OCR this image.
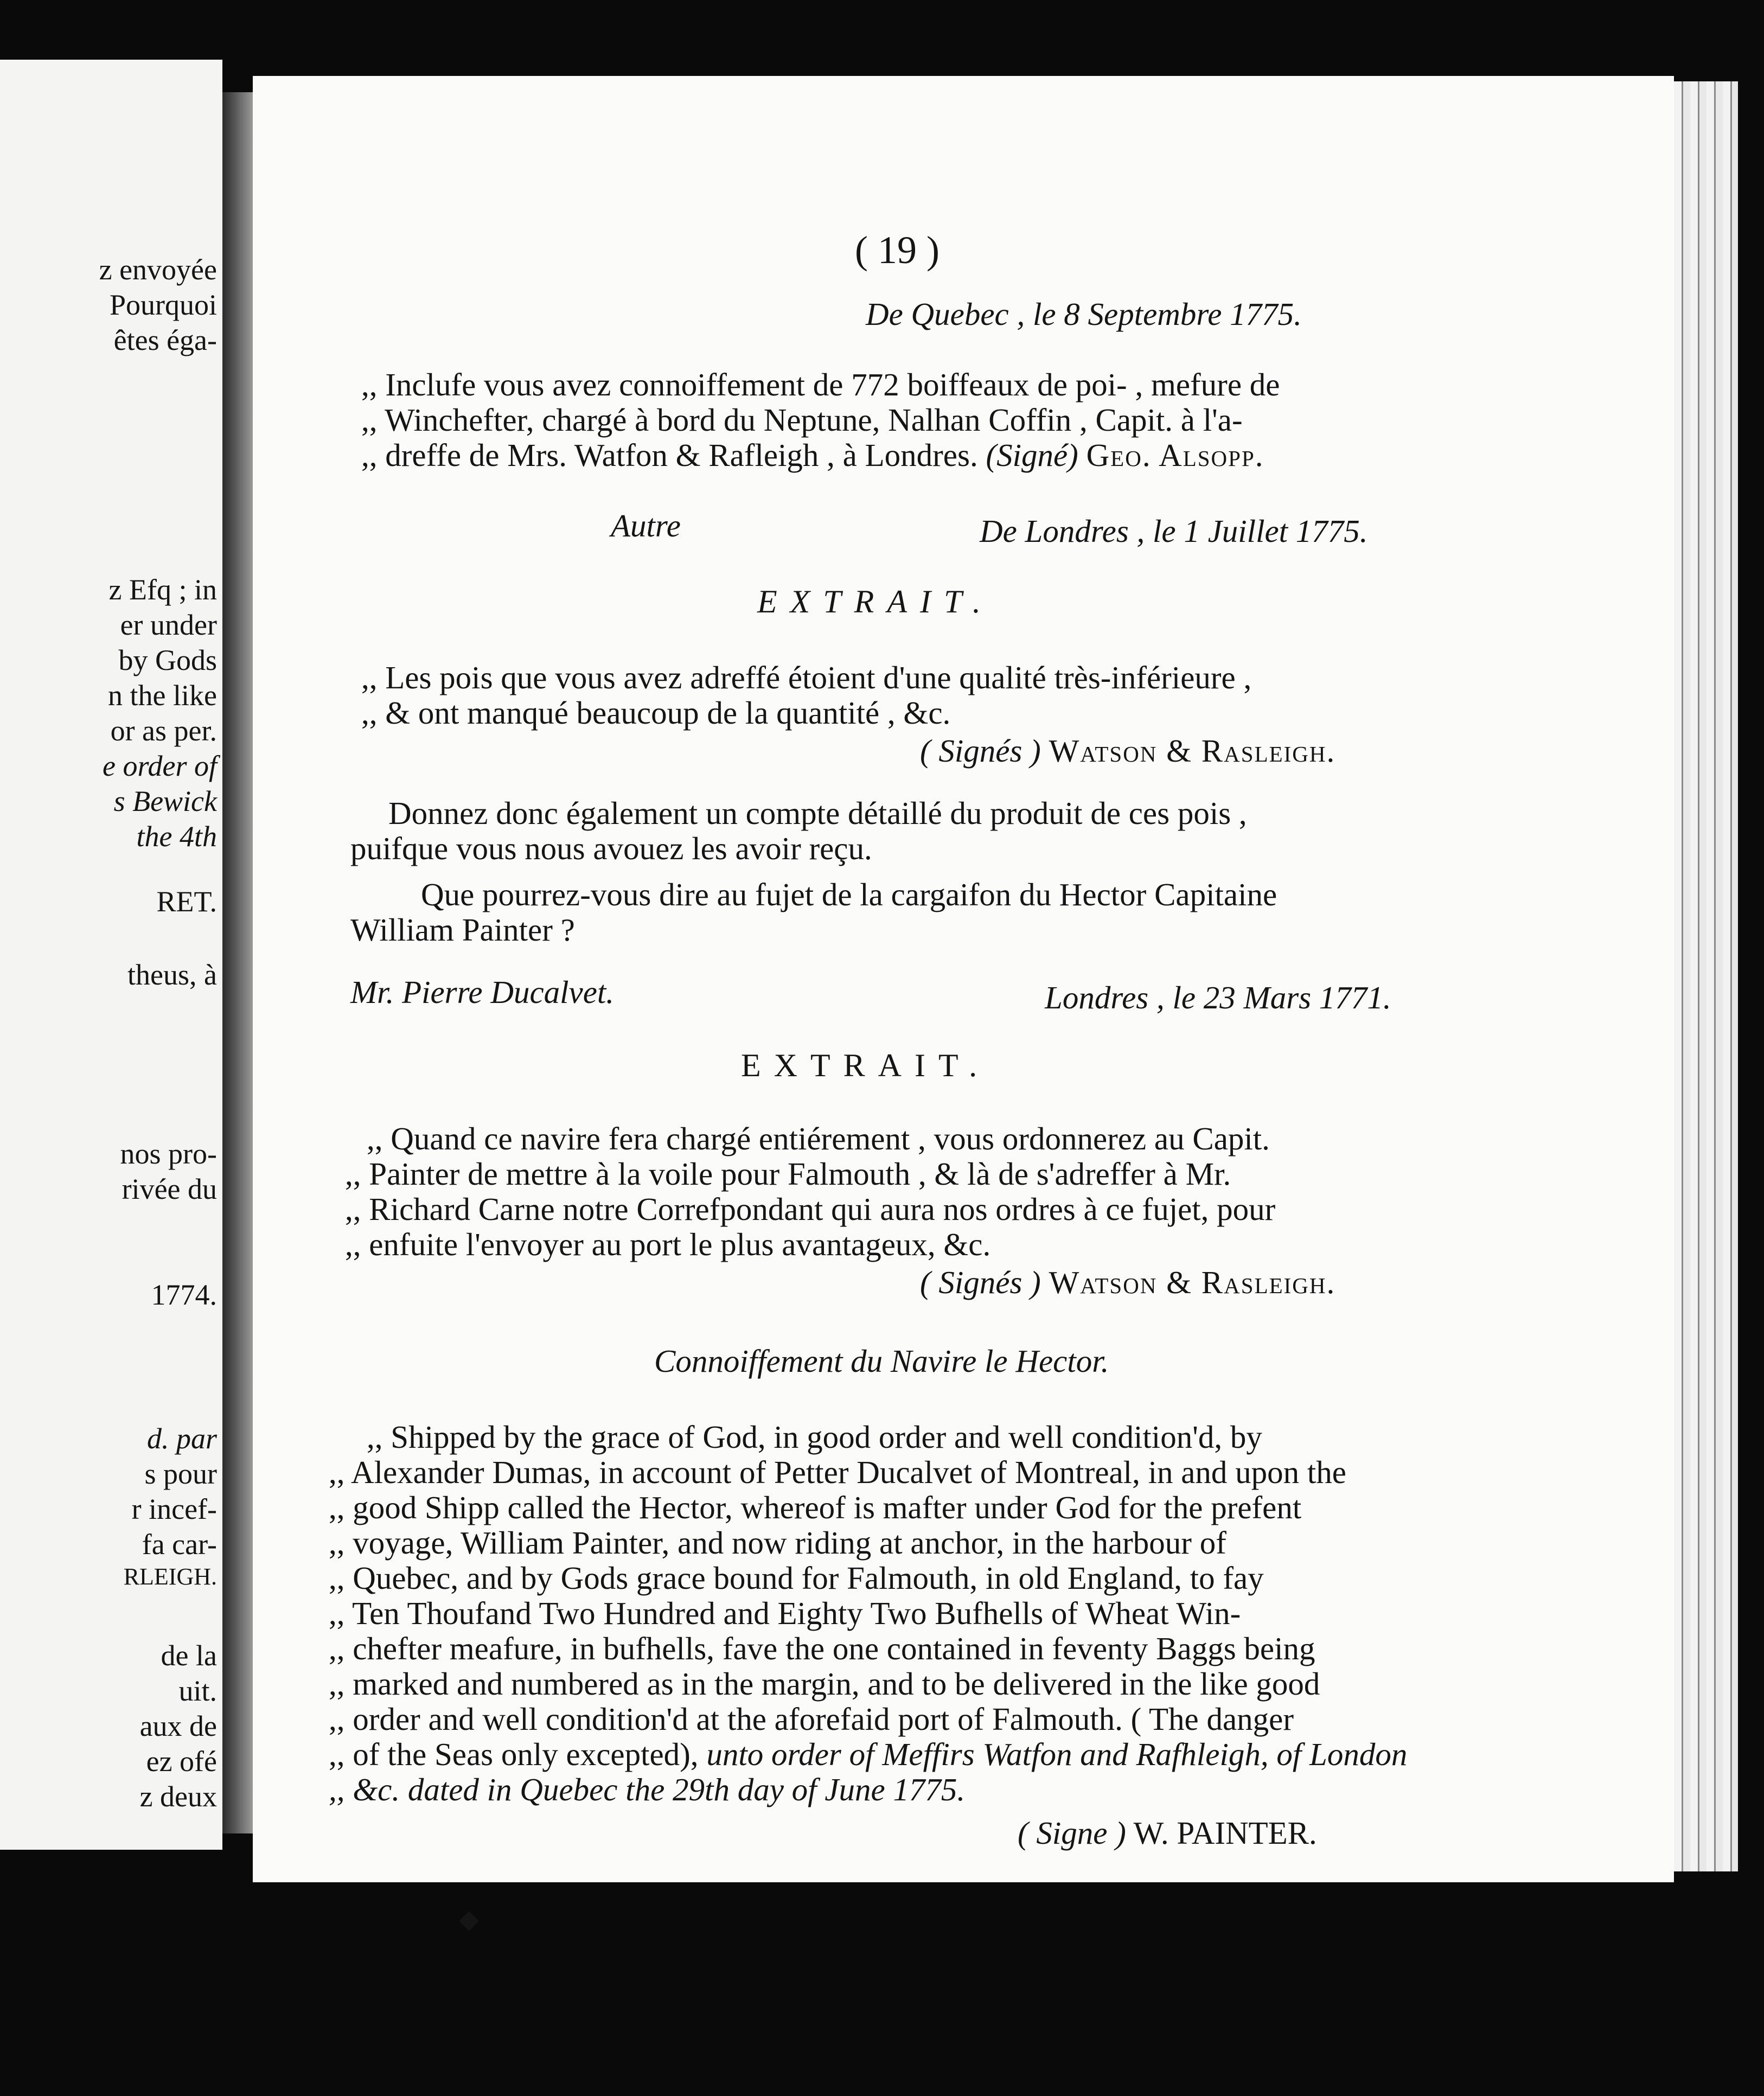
z envoyée
Pourquoi
êtes éga-
z Efq ; in
er under
by Gods
n the like
or as per.
e order of
s Bewick
the 4th
RET.
theus, à
nos pro-
rivée du
1774.
d. par
s pour
r incef-
fa car-
RLEIGH.
de la
uit.
aux de
ez ofé
z deux
( 19 )
De Quebec , le 8 Septembre 1775.
,, Inclufe vous avez connoiffement de 772 boiffeaux de poi- , mefure de
,, Winchefter, chargé à bord du Neptune, Nalhan Coffin , Capit. à l'a-
,, dreffe de Mrs. Watfon & Rafleigh , à Londres. (Signé) Geo. Alsopp.
Autre	De Londres , le 1 Juillet 1775.
EXTRAIT.
,, Les pois que vous avez adreffé étoient d'une qualité très-inférieure ,
,, & ont manqué beaucoup de la quantité , &c.
( Signés ) Watson & Rasleigh.
Donnez donc également un compte détaillé du produit de ces pois ,
puifque vous nous avouez les avoir reçu.
Que pourrez-vous dire au fujet de la cargaifon du Hector Capitaine
William Painter ?
Mr. Pierre Ducalvet.	Londres , le 23 Mars 1771.
EXTRAIT.
,, Quand ce navire fera chargé entiérement , vous ordonnerez au Capit.
,, Painter de mettre à la voile pour Falmouth , & là de s'adreffer à Mr.
,, Richard Carne notre Correfpondant qui aura nos ordres à ce fujet, pour
,, enfuite l'envoyer au port le plus avantageux, &c.
( Signés ) Watson & Rasleigh.
Connoiffement du Navire le Hector.
,, Shipped by the grace of God, in good order and well condition'd, by
,, Alexander Dumas, in account of Petter Ducalvet of Montreal, in and upon the
,, good Shipp called the Hector, whereof is mafter under God for the prefent
,, voyage, William Painter, and now riding at anchor, in the harbour of
,, Quebec, and by Gods grace bound for Falmouth, in old England, to fay
,, Ten Thoufand Two Hundred and Eighty Two Bufhells of Wheat Win-
,, chefter meafure, in bufhells, fave the one contained in feventy Baggs being
,, marked and numbered as in the margin, and to be delivered in the like good
,, order and well condition'd at the aforefaid port of Falmouth. ( The danger
,, of the Seas only excepted), unto order of Meffirs Watfon and Rafhleigh, of London
,, &c. dated in Quebec the 29th day of June 1775.
( Signe ) W. PAINTER.
◆
